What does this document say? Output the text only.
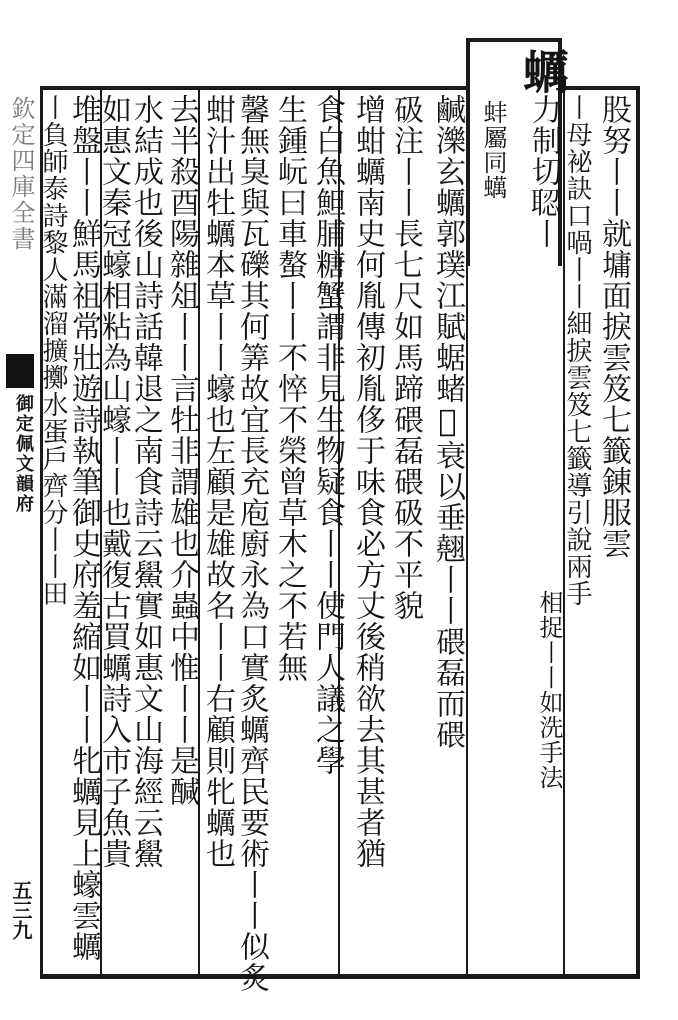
股努丨丨就墉面捩雲笈七籤錬服雲
丨母袐訣口喎丨丨細捩雲笈七籤導引說兩手
相捉丨丨如洗手法
蠣力制切𦖆丨
蚌屬同蠇
鹹濼玄蠣郭璞江賦蜛蝫𧐡衰以垂翹丨丨碨磊而碨
砐注丨丨長七尺如馬蹄碨磊碨砐不平貌
增蚶蠣南史何胤傳初胤侈于味食必方丈後稍欲去其甚者猶
食白魚䱇脯糖蟹謂非見生物疑食丨丨使門人議之學
生鍾岏曰車螯丨丨不悴不榮曾草木之不若無
馨無臭與瓦礫其何筭故宜長充庖廚永為口實炙蠣齊民要術丨丨似炙
蚶汁出牡蠣本草丨丨蠔也左顧是雄故名丨丨右顧則牝蠣也
去半殺酉陽雜俎丨丨言牡非謂雄也介蟲中惟丨丨是醎
水結成也後山詩話韓退之南食詩云鱟實如惠文山海經云鱟
如惠文秦冠蠔相粘為山蠔丨丨也戴復古買蠣詩入市子魚貴
堆盤丨丨鮮馬祖常壯遊詩執筆御史府羞縮如丨丨牝蠣見上蠔雲蠣
丨負師泰詩黎人滿溜擴擲水蛋戶齊分丨丨田
欽定四庫全書
御定佩文韻府
五三九
